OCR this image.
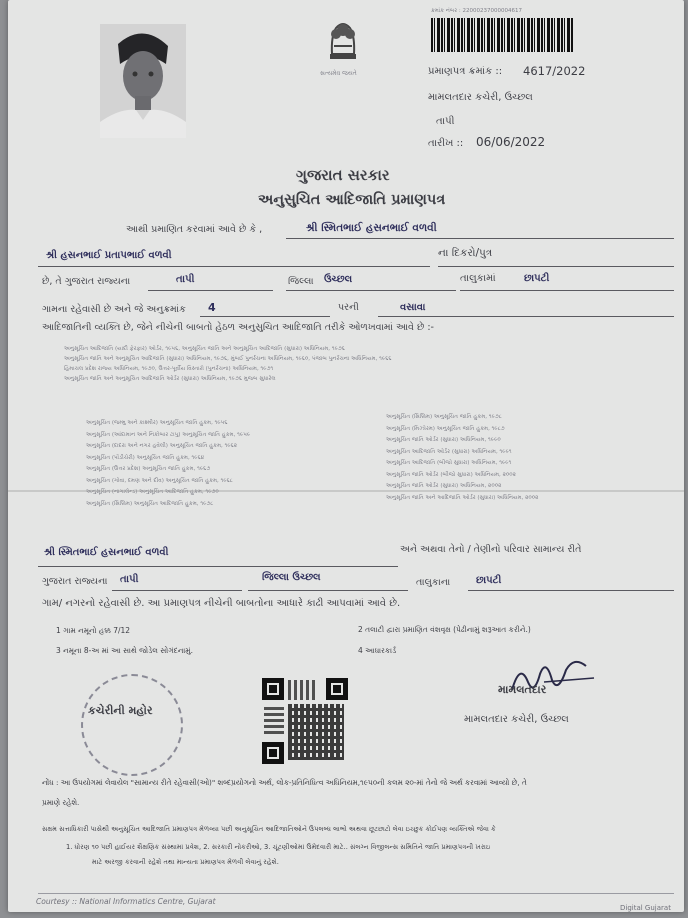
સત્યમેવ જયતે
ક્રમાંક નંબર : 22000237000004617
પ્રમાણપત્ર ક્રમાંક :: 4617/2022
મામલતદાર કચેરી, ઉચ્છલ
તાપી
તારીખ :: 06/06/2022
ગુજરાત સરકાર
અનુસુચિત આદિજાતિ પ્રમાણપત્ર
આથી પ્રમાણિત કરવામાં આવે છે કે ,	શ્રી સ્મિતભાઈ હસનભાઈ વળવી
શ્રી હસનભાઈ પ્રતાપભાઈ વળવી	ના દિકરો/પુત્ર
છે, તે ગુજરાત રાજ્યના	તાપી	જિલ્લા ઉચ્છલ	તાલુકામાં	છાપટી
ગામના રહેવાસી છે અને જે અનુક્રમાંક 4	પરની	વસાવા
આદિજાતિની વ્યક્તિ છે, જેને નીચેની બાબતો હેઠળ અનુસુચિત આદિજાતિ તરીકે ઓળખવામાં આવે છે :-
અનુસૂચિત આદિજાતિ (યાદી ફેરફાર) ઓર્ડર, ૧૯૫૬, અનુસૂચિત જાતિ અને અનુસૂચિત આદિજાતિ (સુધારા) અધિનિયમ, ૧૯૭૬
અનુસૂચિત જાતિ અને અનુસૂચિત આદિજાતિ (સુધારા) અધિનિયમ, ૧૯૭૬, મુંબઈ પુનર્રચના અધિનિયમ, ૧૯૬૦, પંજાબ પુનર્રચના અધિનિયમ, ૧૯૬૬
હિમાચલ પ્રદેશ રાજ્ય અધિનિયમ, ૧૯૭૦, ઉત્તર-પૂર્વીય વિસ્તારો (પુનર્રચના) અધિનિયમ, ૧૯૭૧
અનુસૂચિત જાતિ અને અનુસૂચિત આદિજાતિ ઓર્ડર (સુધારા) અધિનિયમ, ૧૯૭૬ મુજબ સુધારેલ
અનુસૂચિત (જમ્મુ અને કાશ્મીર) અનુસૂચિત જાતિ હુકમ, ૧૯૫૬
અનુસૂચિત (આંદામાન અને નિકોબાર ટાપુ) અનુસૂચિત જાતિ હુકમ, ૧૯૫૯
અનુસૂચિત (દાદરા અને નગર હવેલી) અનુસૂચિત જાતિ હુકમ, ૧૯૬૨
અનુસૂચિત (પોંડીચેરી) અનુસૂચિત જાતિ હુકમ, ૧૯૬૪
અનુસૂચિત (ઉત્તર પ્રદેશ) અનુસૂચિત જાતિ હુકમ, ૧૯૬૭
અનુસૂચિત (ગોવા, દમણ અને દીવ) અનુસૂચિત જાતિ હુકમ, ૧૯૬૮
અનુસૂચિત (નાગાલેન્ડ) અનુસૂચિત આદિજાતિ હુકમ, ૧૯૭૦
અનુસૂચિત (સિક્કિમ) અનુસૂચિત આદિજાતિ હુકમ, ૧૯૭૮
અનુસૂચિત (સિક્કિમ) અનુસૂચિત જાતિ હુકમ, ૧૯૭૮
અનુસૂચિત (મિઝોરમ) અનુસૂચિત જાતિ હુકમ, ૧૯૮૭
અનુસૂચિત જાતિ ઓર્ડર (સુધારા) અધિનિયમ, ૧૯૯૦
અનુસૂચિત આદિજાતિ ઓર્ડર (સુધારા) અધિનિયમ, ૧૯૯૧
અનુસૂચિત આદિજાતિ (બીજો સુધારા) અધિનિયમ, ૧૯૯૧
અનુસૂચિત જાતિ ઓર્ડર (બીજો સુધારા) અધિનિયમ, ૨૦૦૨
અનુસૂચિત જાતિ ઓર્ડર (સુધારા) અધિનિયમ, ૨૦૦૨
અનુસૂચિત જાતિ અને આદિજાતિ ઓર્ડર (સુધારા) અધિનિયમ, ૨૦૦૨
શ્રી સ્મિતભાઈ હસનભાઈ વળવી	અને અથવા તેનો / તેણીનો પરિવાર સામાન્ય રીતે
ગુજરાત રાજ્યના તાપી	જિલ્લા ઉચ્છલ	તાલુકાના	છાપટી
ગામ/ નગરનો રહેવાસી છે. આ પ્રમાણપત્ર નીચેની બાબતોના આધારે કાઢી આપવામાં આવે છે.
1 ગામ નમૂનો હક્ક 7/12	2 તલાટી દ્વારા પ્રમાણિત વંશવૃક્ષ (પેઢીનામું શરૂઆત કરીને.)
3 નમૂના 8-અ માં આ સાથે જોડેલ સોગંદનામું.	4 આધારકાર્ડ
કચેરીની મહોર
મામલતદાર
મામલતદાર કચેરી, ઉચ્છલ
નોંધ : આ ઉપયોગમાં લેવાયેલ "સામાન્ય રીતે રહેવાસી(ઓ)" શબ્દપ્રયોગનો અર્થ, લોક-પ્રતિનિધિત્વ અધિનિયમ,૧૯૫૦ની કલમ ૨૦-માં તેનો જે અર્થ કરવામાં આવ્યો છે, તે
પ્રમાણે રહેશે.
સક્ષમ સત્તાધિકારી પાસેથી અનુસૂચિત આદિજાતિ પ્રમાણપત્ર મેળવ્યા પછી અનુસૂચિત આદિજાતિઓને ઉપલબ્ધ લાભો અથવા છૂટછાટો લેવા ઇચ્છુક કોઈપણ વ્યક્તિએ જેવા કે
1. ધોરણ ૧૦ પછી હાઈયર શૈક્ષણિક સંસ્થામાં પ્રવેશ, 2. સરકારી નોકરીઓ, 3. ચૂંટણીઓમાં ઉમેદવારી માટે.. સંલગ્ન વિજીલન્સ સમિતિને જાતિ પ્રમાણપત્રની ખરાઇ
માટે અરજી કરવાની રહેશે તથા માન્યતા પ્રમાણપત્ર મેળવી લેવાનું રહેશે.
Courtesy :: National Informatics Centre, Gujarat
Digital Gujarat
